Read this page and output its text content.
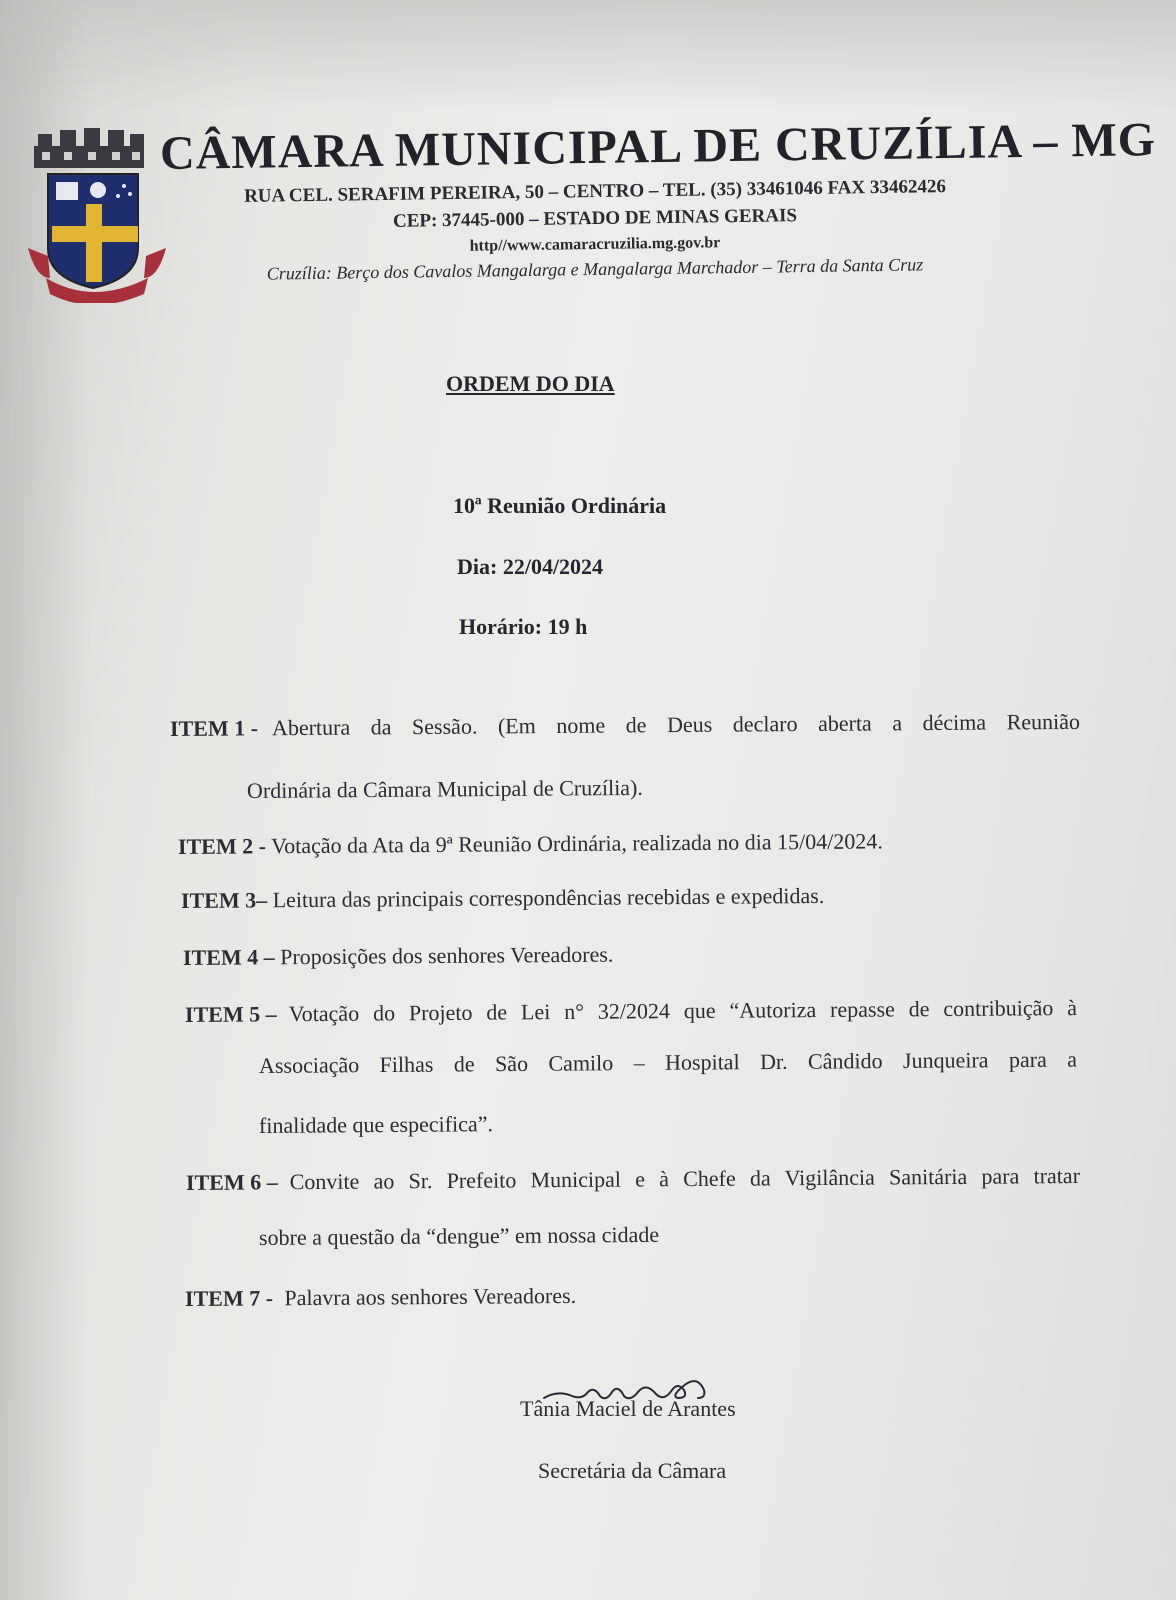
CÂMARA MUNICIPAL DE CRUZÍLIA – MG
RUA CEL. SERAFIM PEREIRA, 50 – CENTRO – TEL. (35) 33461046 FAX 33462426
CEP: 37445-000 – ESTADO DE MINAS GERAIS
http//www.camaracruzilia.mg.gov.br
Cruzília: Berço dos Cavalos Mangalarga e Mangalarga Marchador – Terra da Santa Cruz
ORDEM DO DIA
10ª Reunião Ordinária
Dia: 22/04/2024
Horário: 19 h
ITEM 1 - Abertura da Sessão. (Em nome de Deus declaro aberta a décima Reunião
Ordinária da Câmara Municipal de Cruzília).
ITEM 2 - Votação da Ata da 9ª Reunião Ordinária, realizada no dia 15/04/2024.
ITEM 3– Leitura das principais correspondências recebidas e expedidas.
ITEM 4 – Proposições dos senhores Vereadores.
ITEM 5 – Votação do Projeto de Lei n° 32/2024 que “Autoriza repasse de contribuição à
Associação Filhas de São Camilo – Hospital Dr. Cândido Junqueira para a
finalidade que especifica”.
ITEM 6 – Convite ao Sr. Prefeito Municipal e à Chefe da Vigilância Sanitária para tratar
sobre a questão da “dengue” em nossa cidade
ITEM 7 - Palavra aos senhores Vereadores.
Tânia Maciel de Arantes
Secretária da Câmara
